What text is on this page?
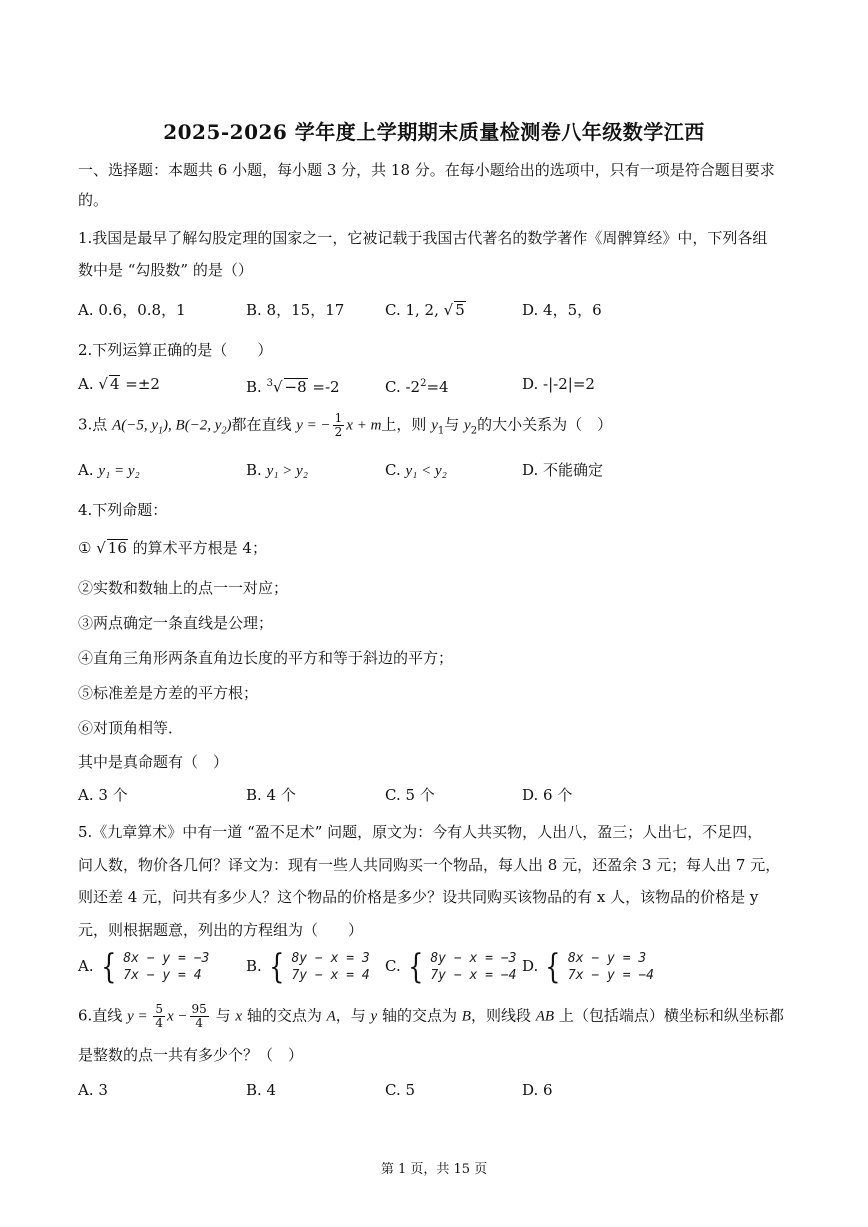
2025-2026 学年度上学期期末质量检测卷八年级数学江西
一、选择题：本题共 6 小题，每小题 3 分，共 18 分。在每小题给出的选项中，只有一项是符合题目要求
的。
1.我国是最早了解勾股定理的国家之一，它被记载于我国古代著名的数学著作《周髀算经》中，下列各组
数中是 “勾股数” 的是（）
A. 0.6，0.8，1	B. 8，15，17	C. 1, 2, √ 5	D. 4，5，6
2.下列运算正确的是（　　）
A. √ 4 =±2	B. $^3$√ −8 =-2	C. $-2^2=4$	D. -|-2|=2
3.点 A(−5, $y_1$), B(−2, $y_2$)都在直线 y = − $\frac{1}{2}$ x + m上，则 $y_1$与 $y_2$的大小关系为（　）
A. y₁ = y₂	B. y₁ > y₂	C. y₁ < y₂	D. 不能确定
4.下列命题：
① √ 16 的算术平方根是 4；
②实数和数轴上的点一一对应；
③两点确定一条直线是公理；
④直角三角形两条直角边长度的平方和等于斜边的平方；
⑤标准差是方差的平方根；
⑥对顶角相等．
其中是真命题有（　）
A. 3 个	B. 4 个	C. 5 个	D. 6 个
5.《九章算术》中有一道 “盈不足术” 问题，原文为：今有人共买物，人出八，盈三；人出七，不足四，
问人数，物价各几何？译文为：现有一些人共同购买一个物品，每人出 8 元，还盈余 3 元；每人出 7 元，
则还差 4 元，问共有多少人？这个物品的价格是多少？设共同购买该物品的有 x 人，该物品的价格是 y
元，则根据题意，列出的方程组为（　　）
A. { 8x − y = −3
7x − y = 4
B. { 8y − x = 3
7y − x = 4
C. { 8y − x = −3
7y − x = −4
D. { 8x − y = 3
7x − y = −4
6.直线 $y = \frac{5}{4}$ $x - \frac{95}{4}$ 与 x 轴的交点为 A，与 y 轴的交点为 B，则线段 AB 上（包括端点）横坐标和纵坐标都
是整数的点一共有多少个？（　）
A. 3	B. 4	C. 5	D. 6
第 1 页，共 15 页
